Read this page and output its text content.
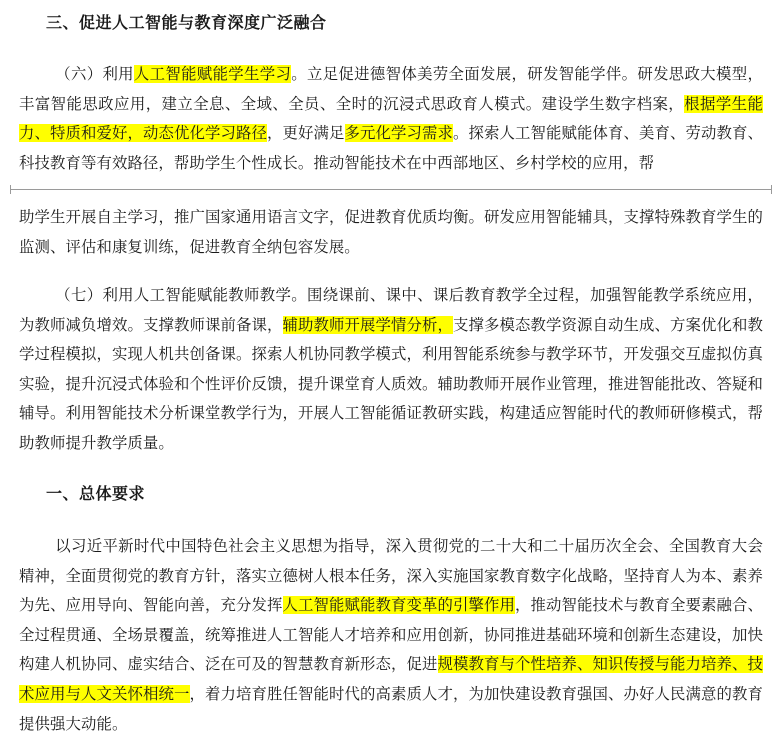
三、促进人工智能与教育深度广泛融合

（六）利用人工智能赋能学生学习。立足促进德智体美劳全面发展，研发智能学伴。研发思政大模型，丰富智能思政应用，建立全息、全域、全员、全时的沉浸式思政育人模式。建设学生数字档案，根据学生能力、特质和爱好，动态优化学习路径，更好满足多元化学习需求。探索人工智能赋能体育、美育、劳动教育、科技教育等有效路径，帮助学生个性成长。推动智能技术在中西部地区、乡村学校的应用，帮

助学生开展自主学习，推广国家通用语言文字，促进教育优质均衡。研发应用智能辅具，支撑特殊教育学生的监测、评估和康复训练，促进教育全纳包容发展。

（七）利用人工智能赋能教师教学。围绕课前、课中、课后教育教学全过程，加强智能教学系统应用，为教师减负增效。支撑教师课前备课，辅助教师开展学情分析，支撑多模态教学资源自动生成、方案优化和教学过程模拟，实现人机共创备课。探索人机协同教学模式，利用智能系统参与教学环节，开发强交互虚拟仿真实验，提升沉浸式体验和个性评价反馈，提升课堂育人质效。辅助教师开展作业管理，推进智能批改、答疑和辅导。利用智能技术分析课堂教学行为，开展人工智能循证教研实践，构建适应智能时代的教师研修模式，帮助教师提升教学质量。

一、总体要求

以习近平新时代中国特色社会主义思想为指导，深入贯彻党的二十大和二十届历次全会、全国教育大会精神，全面贯彻党的教育方针，落实立德树人根本任务，深入实施国家教育数字化战略，坚持育人为本、素养为先、应用导向、智能向善，充分发挥人工智能赋能教育变革的引擎作用，推动智能技术与教育全要素融合、全过程贯通、全场景覆盖，统筹推进人工智能人才培养和应用创新，协同推进基础环境和创新生态建设，加快构建人机协同、虚实结合、泛在可及的智慧教育新形态，促进规模教育与个性培养、知识传授与能力培养、技术应用与人文关怀相统一，着力培育胜任智能时代的高素质人才，为加快建设教育强国、办好人民满意的教育提供强大动能。
